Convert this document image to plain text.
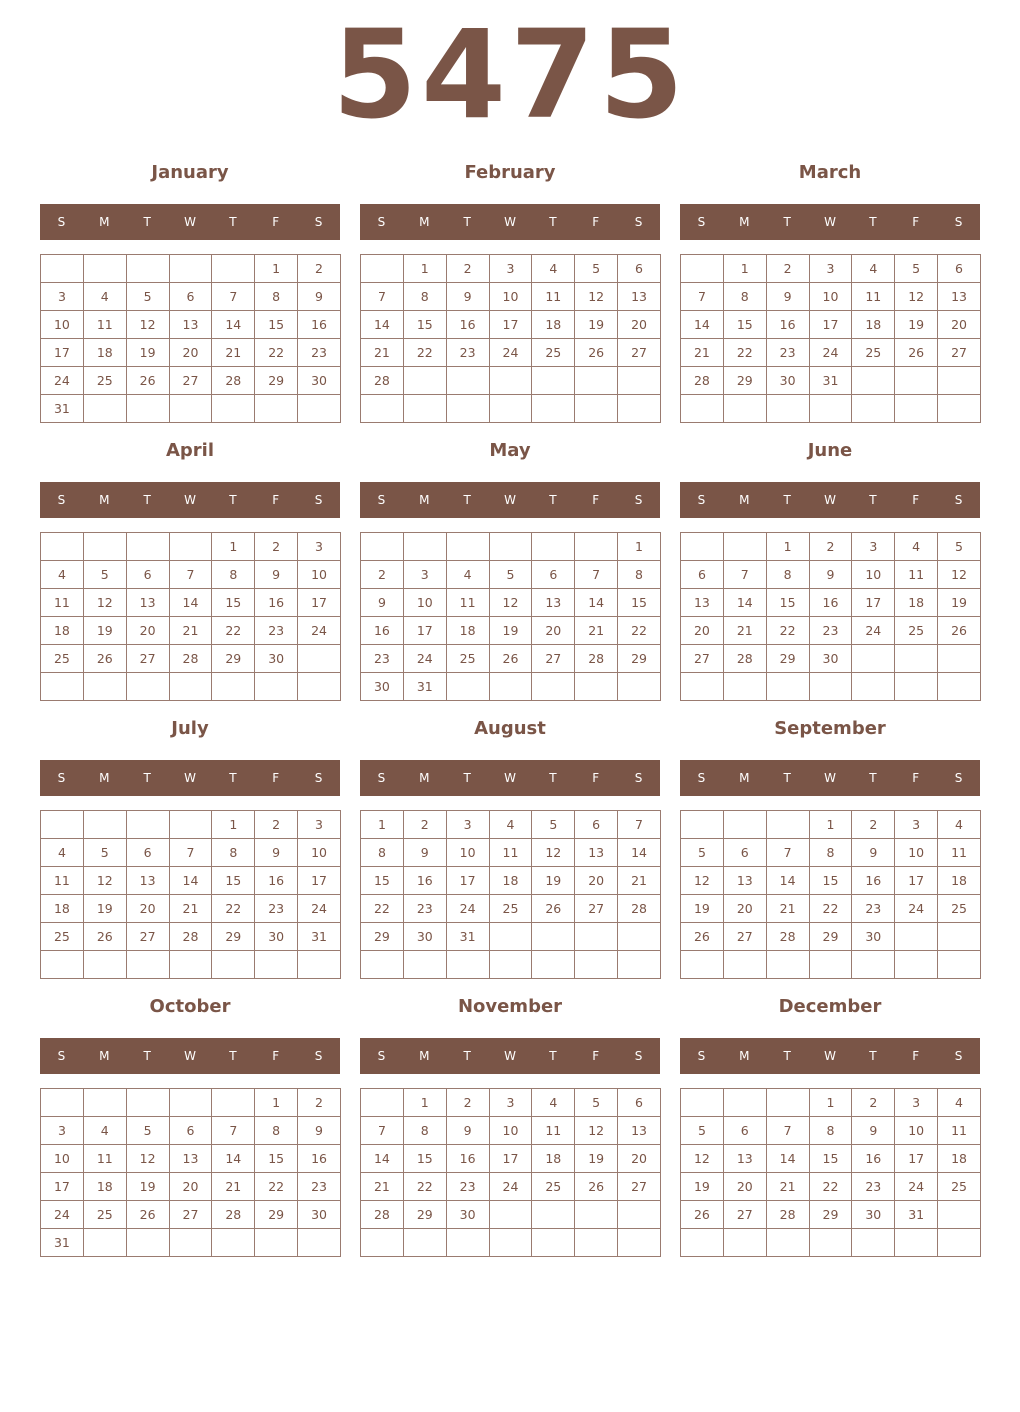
5475
January
S	M	T	W	T	F	S
					1	2
3	4	5	6	7	8	9
10	11	12	13	14	15	16
17	18	19	20	21	22	23
24	25	26	27	28	29	30
31						
February
S	M	T	W	T	F	S
	1	2	3	4	5	6
7	8	9	10	11	12	13
14	15	16	17	18	19	20
21	22	23	24	25	26	27
28						

March
S	M	T	W	T	F	S
	1	2	3	4	5	6
7	8	9	10	11	12	13
14	15	16	17	18	19	20
21	22	23	24	25	26	27
28	29	30	31			

April
S	M	T	W	T	F	S
				1	2	3
4	5	6	7	8	9	10
11	12	13	14	15	16	17
18	19	20	21	22	23	24
25	26	27	28	29	30	

May
S	M	T	W	T	F	S
						1
2	3	4	5	6	7	8
9	10	11	12	13	14	15
16	17	18	19	20	21	22
23	24	25	26	27	28	29
30	31					
June
S	M	T	W	T	F	S
		1	2	3	4	5
6	7	8	9	10	11	12
13	14	15	16	17	18	19
20	21	22	23	24	25	26
27	28	29	30			

July
S	M	T	W	T	F	S
				1	2	3
4	5	6	7	8	9	10
11	12	13	14	15	16	17
18	19	20	21	22	23	24
25	26	27	28	29	30	31

August
S	M	T	W	T	F	S
1	2	3	4	5	6	7
8	9	10	11	12	13	14
15	16	17	18	19	20	21
22	23	24	25	26	27	28
29	30	31				

September
S	M	T	W	T	F	S
			1	2	3	4
5	6	7	8	9	10	11
12	13	14	15	16	17	18
19	20	21	22	23	24	25
26	27	28	29	30		

October
S	M	T	W	T	F	S
					1	2
3	4	5	6	7	8	9
10	11	12	13	14	15	16
17	18	19	20	21	22	23
24	25	26	27	28	29	30
31						
November
S	M	T	W	T	F	S
	1	2	3	4	5	6
7	8	9	10	11	12	13
14	15	16	17	18	19	20
21	22	23	24	25	26	27
28	29	30				

December
S	M	T	W	T	F	S
			1	2	3	4
5	6	7	8	9	10	11
12	13	14	15	16	17	18
19	20	21	22	23	24	25
26	27	28	29	30	31	
